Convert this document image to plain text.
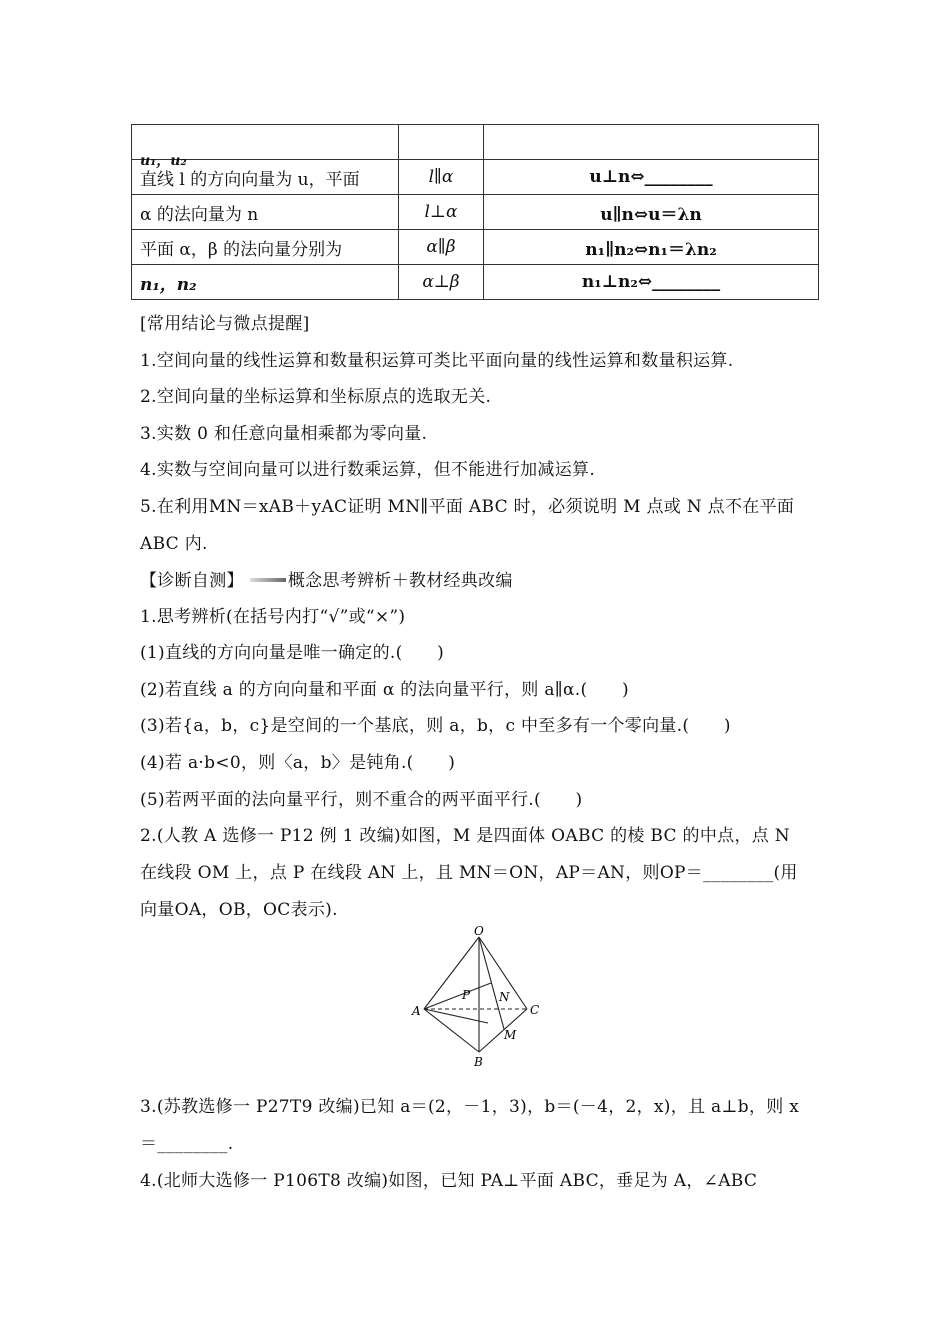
直线 l 的方向向量为 u，平面	l∥α	u⊥n⇔________
α 的法向量为 n	l⊥α	u∥n⇔u＝λn
平面 α，β 的法向量分别为	α∥β	n₁∥n₂⇔n₁＝λn₂
n₁，n₂	α⊥β	n₁⊥n₂⇔________
u₁，u₂
[常用结论与微点提醒]
1.空间向量的线性运算和数量积运算可类比平面向量的线性运算和数量积运算.
2.空间向量的坐标运算和坐标原点的选取无关.
3.实数 0 和任意向量相乘都为零向量.
4.实数与空间向量可以进行数乘运算，但不能进行加减运算.
5.在利用MN＝xAB＋yAC证明 MN∥平面 ABC 时，必须说明 M 点或 N 点不在平面
ABC 内.
【诊断自测】	概念思考辨析＋教材经典改编
1.思考辨析(在括号内打“√”或“×”)
(1)直线的方向向量是唯一确定的.(　　)
(2)若直线 a 的方向向量和平面 α 的法向量平行，则 a∥α.(　　)
(3)若{a，b，c}是空间的一个基底，则 a，b，c 中至多有一个零向量.(　　)
(4)若 a·b<0，则〈a，b〉是钝角.(　　)
(5)若两平面的法向量平行，则不重合的两平面平行.(　　)
2.(人教 A 选修一 P12 例 1 改编)如图，M 是四面体 OABC 的棱 BC 的中点，点 N
在线段 OM 上，点 P 在线段 AN 上，且 MN＝ON，AP＝AN，则OP＝________(用
向量OA，OB，OC表示).
O
A
B
C
P N
M
3.(苏教选修一 P27T9 改编)已知 a＝(2，－1，3)，b＝(－4，2，x)，且 a⊥b，则 x
＝________.
4.(北师大选修一 P106T8 改编)如图，已知 PA⊥平面 ABC，垂足为 A，∠ABC
